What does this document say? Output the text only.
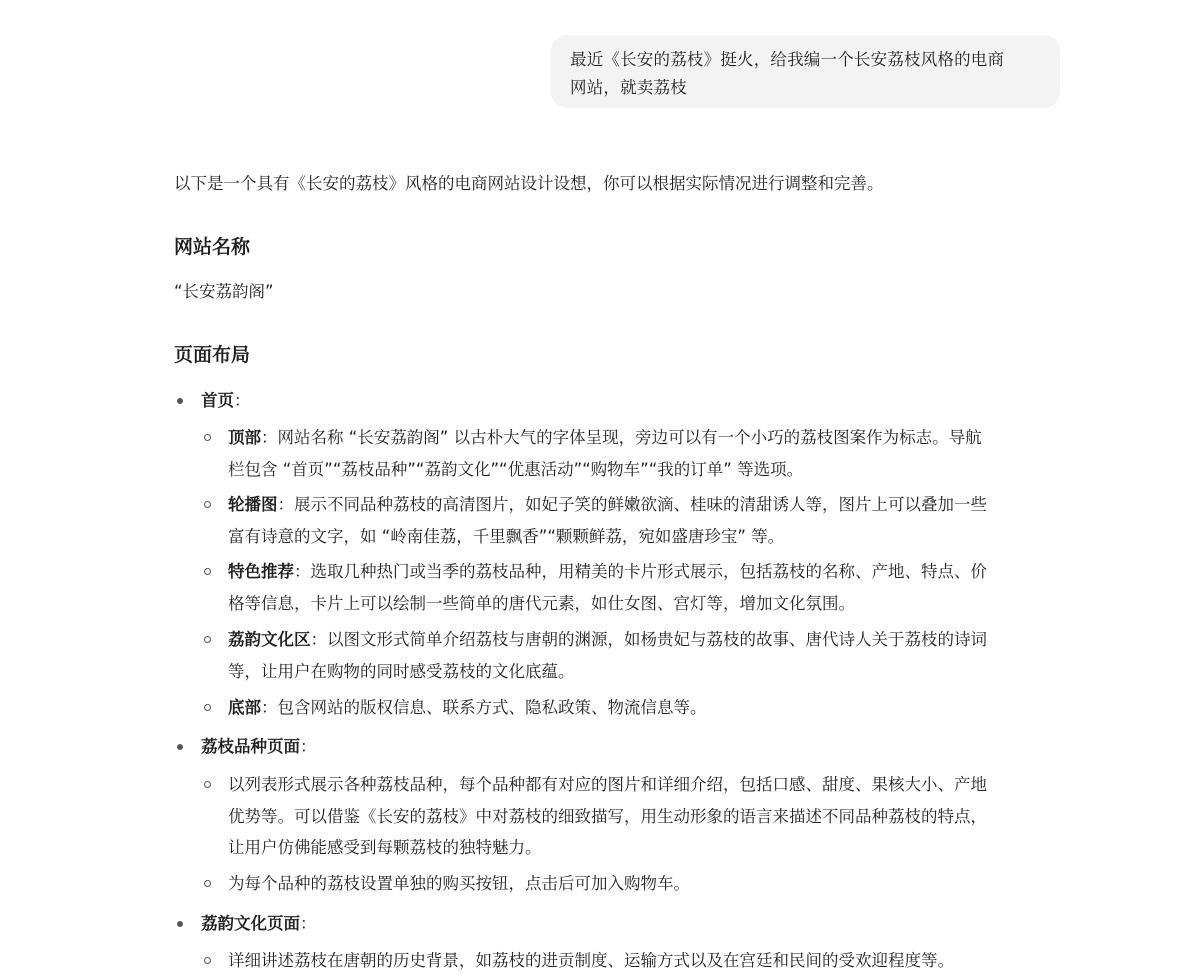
最近《长安的荔枝》挺火，给我编一个长安荔枝风格的电商
网站，就卖荔枝
以下是一个具有《长安的荔枝》风格的电商网站设计设想，你可以根据实际情况进行调整和完善。
网站名称
“长安荔韵阁”
页面布局
首页：
顶部：网站名称 “长安荔韵阁” 以古朴大气的字体呈现，旁边可以有一个小巧的荔枝图案作为标志。导航
栏包含 “首页”“荔枝品种”“荔韵文化”“优惠活动”“购物车”“我的订单” 等选项。
轮播图：展示不同品种荔枝的高清图片，如妃子笑的鲜嫩欲滴、桂味的清甜诱人等，图片上可以叠加一些
富有诗意的文字，如 “岭南佳荔，千里飘香”“颗颗鲜荔，宛如盛唐珍宝” 等。
特色推荐：选取几种热门或当季的荔枝品种，用精美的卡片形式展示，包括荔枝的名称、产地、特点、价
格等信息，卡片上可以绘制一些简单的唐代元素，如仕女图、宫灯等，增加文化氛围。
荔韵文化区：以图文形式简单介绍荔枝与唐朝的渊源，如杨贵妃与荔枝的故事、唐代诗人关于荔枝的诗词
等，让用户在购物的同时感受荔枝的文化底蕴。
底部：包含网站的版权信息、联系方式、隐私政策、物流信息等。
荔枝品种页面：
以列表形式展示各种荔枝品种，每个品种都有对应的图片和详细介绍，包括口感、甜度、果核大小、产地
优势等。可以借鉴《长安的荔枝》中对荔枝的细致描写，用生动形象的语言来描述不同品种荔枝的特点，
让用户仿佛能感受到每颗荔枝的独特魅力。
为每个品种的荔枝设置单独的购买按钮，点击后可加入购物车。
荔韵文化页面：
详细讲述荔枝在唐朝的历史背景，如荔枝的进贡制度、运输方式以及在宫廷和民间的受欢迎程度等。
